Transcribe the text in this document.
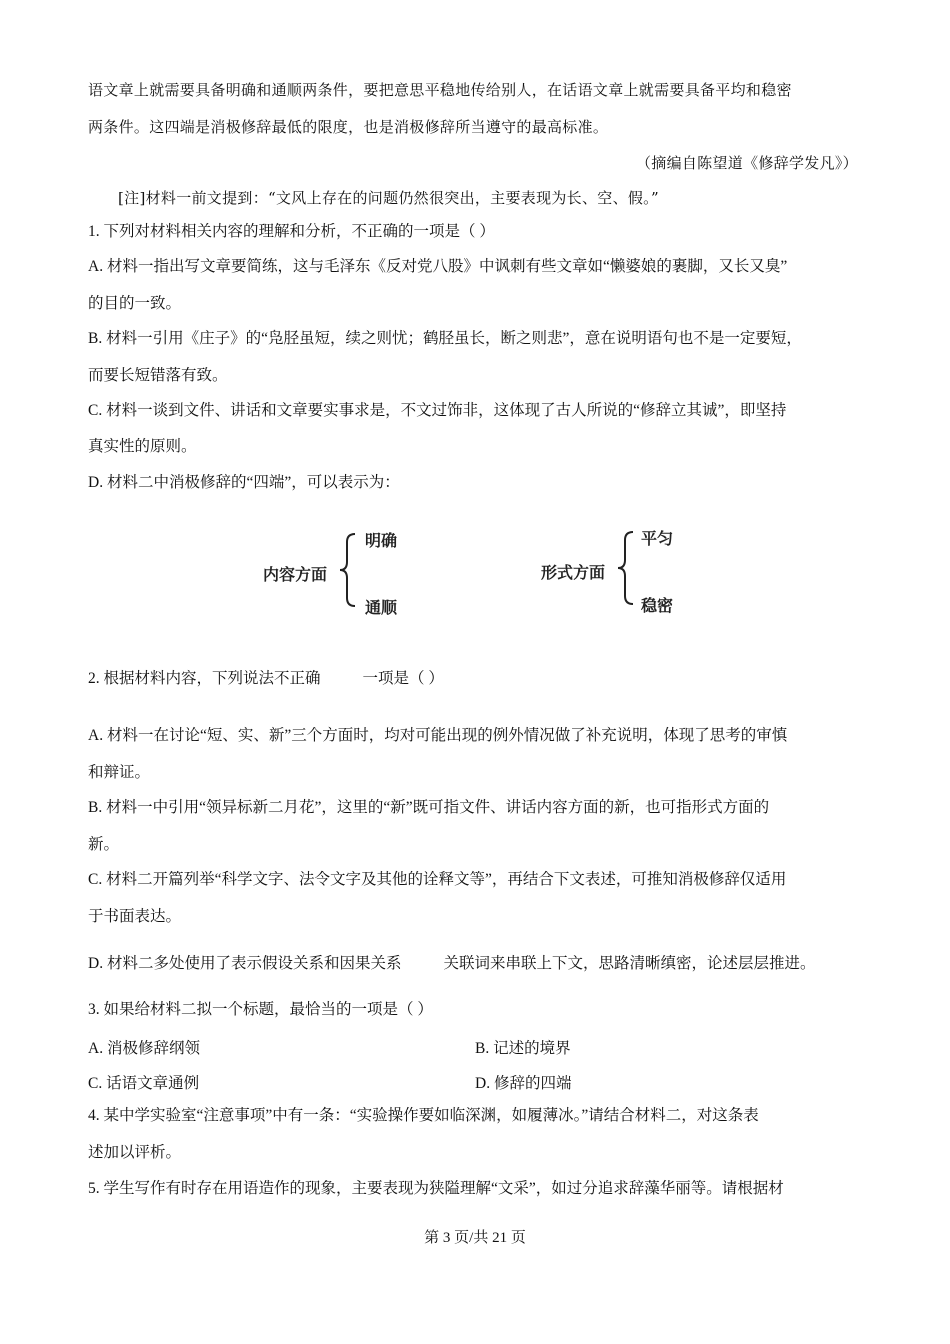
语文章上就需要具备明确和通顺两条件，要把意思平稳地传给别人，在话语文章上就需要具备平均和稳密
两条件。这四端是消极修辞最低的限度，也是消极修辞所当遵守的最高标准。
（摘编自陈望道《修辞学发凡》）
[注]材料一前文提到：“文风上存在的问题仍然很突出，主要表现为长、空、假。”
1. 下列对材料相关内容的理解和分析，不正确的一项是（ ）
A. 材料一指出写文章要简练，这与毛泽东《反对党八股》中讽刺有些文章如“懒婆娘的裹脚，又长又臭”
的目的一致。
B. 材料一引用《庄子》的“凫胫虽短，续之则忧；鹤胫虽长，断之则悲”，意在说明语句也不是一定要短，
而要长短错落有致。
C. 材料一谈到文件、讲话和文章要实事求是，不文过饰非，这体现了古人所说的“修辞立其诚”，即坚持
真实性的原则。
D. 材料二中消极修辞的“四端”，可以表示为：
内容方面
明确
通顺
形式方面
平匀
稳密
2. 根据材料内容，下列说法不正确	一项是（ ）
A. 材料一在讨论“短、实、新”三个方面时，均对可能出现的例外情况做了补充说明，体现了思考的审慎
和辩证。
B. 材料一中引用“领异标新二月花”，这里的“新”既可指文件、讲话内容方面的新，也可指形式方面的
新。
C. 材料二开篇列举“科学文字、法令文字及其他的诠释文等”，再结合下文表述，可推知消极修辞仅适用
于书面表达。
D. 材料二多处使用了表示假设关系和因果关系	关联词来串联上下文，思路清晰缜密，论述层层推进。
3. 如果给材料二拟一个标题，最恰当的一项是（ ）
A. 消极修辞纲领	B. 记述的境界
C. 话语文章通例	D. 修辞的四端
4. 某中学实验室“注意事项”中有一条：“实验操作要如临深渊，如履薄冰。”请结合材料二，对这条表
述加以评析。
5. 学生写作有时存在用语造作的现象，主要表现为狭隘理解“文采”，如过分追求辞藻华丽等。请根据材
第 3 页/共 21 页
